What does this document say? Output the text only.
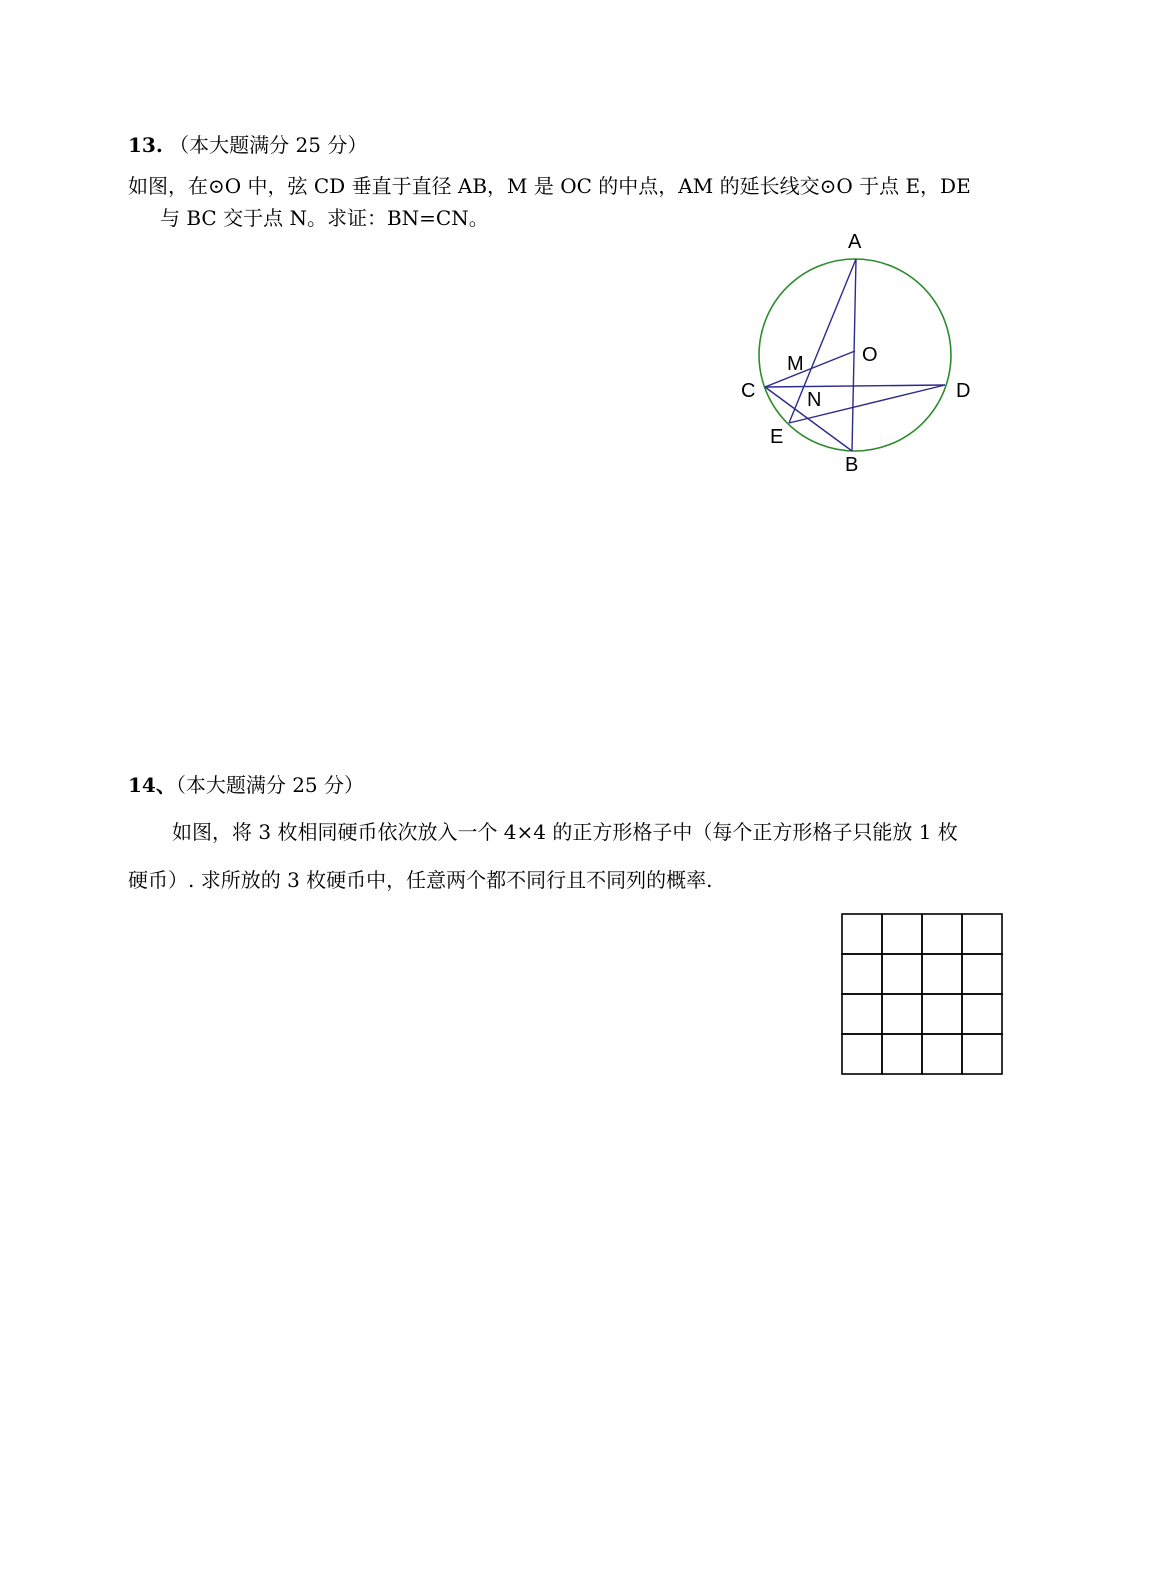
13. （本大题满分 25 分）
如图，在⊙O 中，弦 CD 垂直于直径 AB，M 是 OC 的中点，AM 的延长线交⊙O 于点 E，DE
与 BC 交于点 N。求证：BN=CN。
A
O
M
C	D
N
E
B
14、（本大题满分 25 分）
如图，将 3 枚相同硬币依次放入一个 4×4 的正方形格子中（每个正方形格子只能放 1 枚
硬币）. 求所放的 3 枚硬币中，任意两个都不同行且不同列的概率.
